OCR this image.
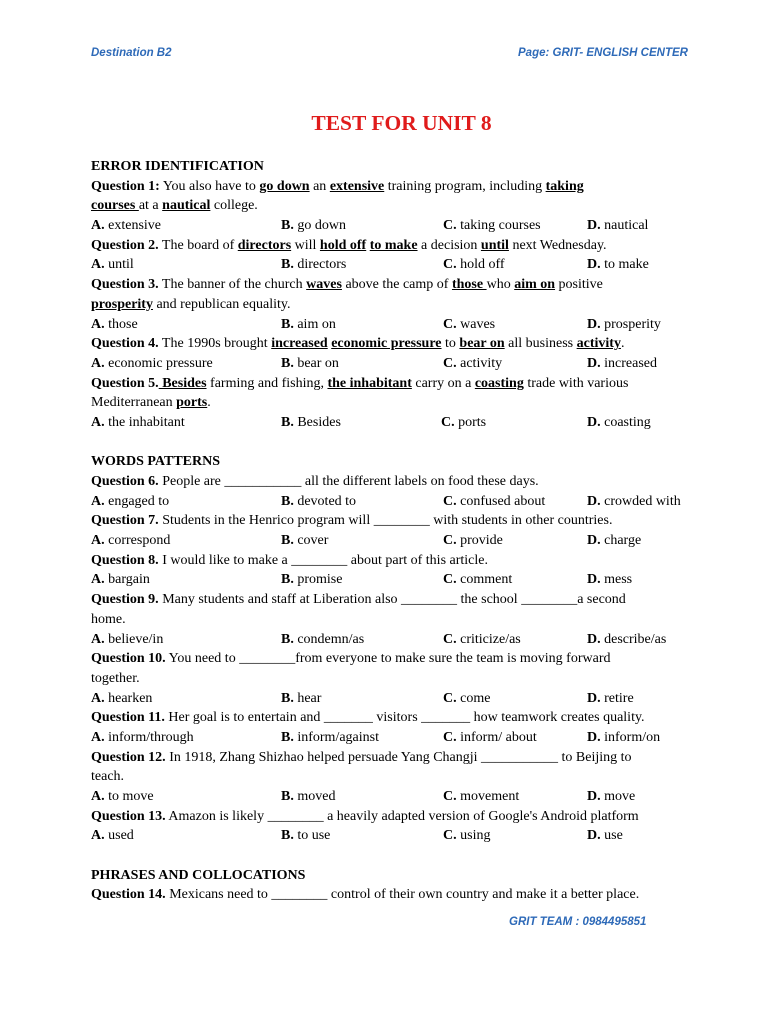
Destination B2	Page: GRIT- ENGLISH CENTER
TEST FOR UNIT 8
ERROR IDENTIFICATION
Question 1: You also have to go down an extensive training program, including taking
courses at a nautical college.
A. extensive	B. go down	C. taking courses	D. nautical
Question 2. The board of directors will hold off to make a decision until next Wednesday.
A. until	B. directors	C. hold off	D. to make
Question 3. The banner of the church waves above the camp of those who aim on positive
prosperity and republican equality.
A. those	B. aim on	C. waves	D. prosperity
Question 4. The 1990s brought increased economic pressure to bear on all business activity.
A. economic pressure	B. bear on	C. activity	D. increased
Question 5. Besides farming and fishing, the inhabitant carry on a coasting trade with various
Mediterranean ports.
A. the inhabitant	B. Besides	C. ports	D. coasting
WORDS PATTERNS
Question 6. People are ___________ all the different labels on food these days.
A. engaged to	B. devoted to	C. confused about	D. crowded with
Question 7. Students in the Henrico program will ________ with students in other countries.
A. correspond	B. cover	C. provide	D. charge
Question 8. I would like to make a ________ about part of this article.
A. bargain	B. promise	C. comment	D. mess
Question 9. Many students and staff at Liberation also ________ the school ________a second
home.
A. believe/in	B. condemn/as	C. criticize/as	D. describe/as
Question 10. You need to ________from everyone to make sure the team is moving forward
together.
A. hearken	B. hear	C. come	D. retire
Question 11. Her goal is to entertain and _______ visitors _______ how teamwork creates quality.
A. inform/through	B. inform/against	C. inform/ about	D. inform/on
Question 12. In 1918, Zhang Shizhao helped persuade Yang Changji ___________ to Beijing to
teach.
A. to move	B. moved	C. movement	D. move
Question 13. Amazon is likely ________ a heavily adapted version of Google's Android platform
A. used	B. to use	C. using	D. use
PHRASES AND COLLOCATIONS
Question 14. Mexicans need to ________ control of their own country and make it a better place.
GRIT TEAM : 0984495851
